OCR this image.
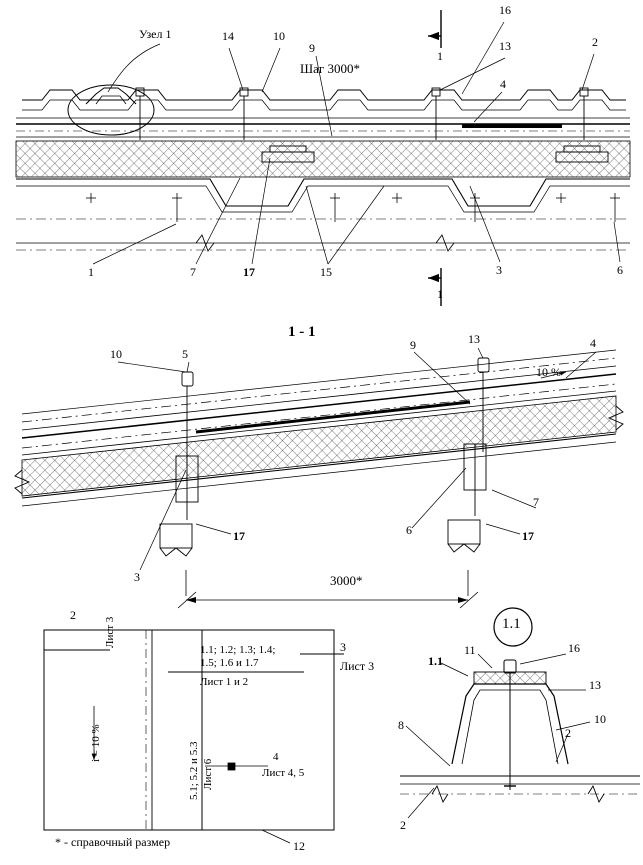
Узел 1	14	10
9
16
13	2
4
Шаг 3000*
1	7	17	15	3	6
1
1
1 - 1
10	5
9	13	4
10 %
3
17	17
6
7
3000*
2
Лист 3	3
Лист 3
1.1; 1.2; 1.3; 1.4;
1.5; 1.6 и 1.7
Лист 1 и 2
5.1; 5.2 и 5.3 Лист 6
i = 10 %	4
Лист 4, 5
12
* - справочный размер
1.1
1.1
11	16
13
10
8
2
2
